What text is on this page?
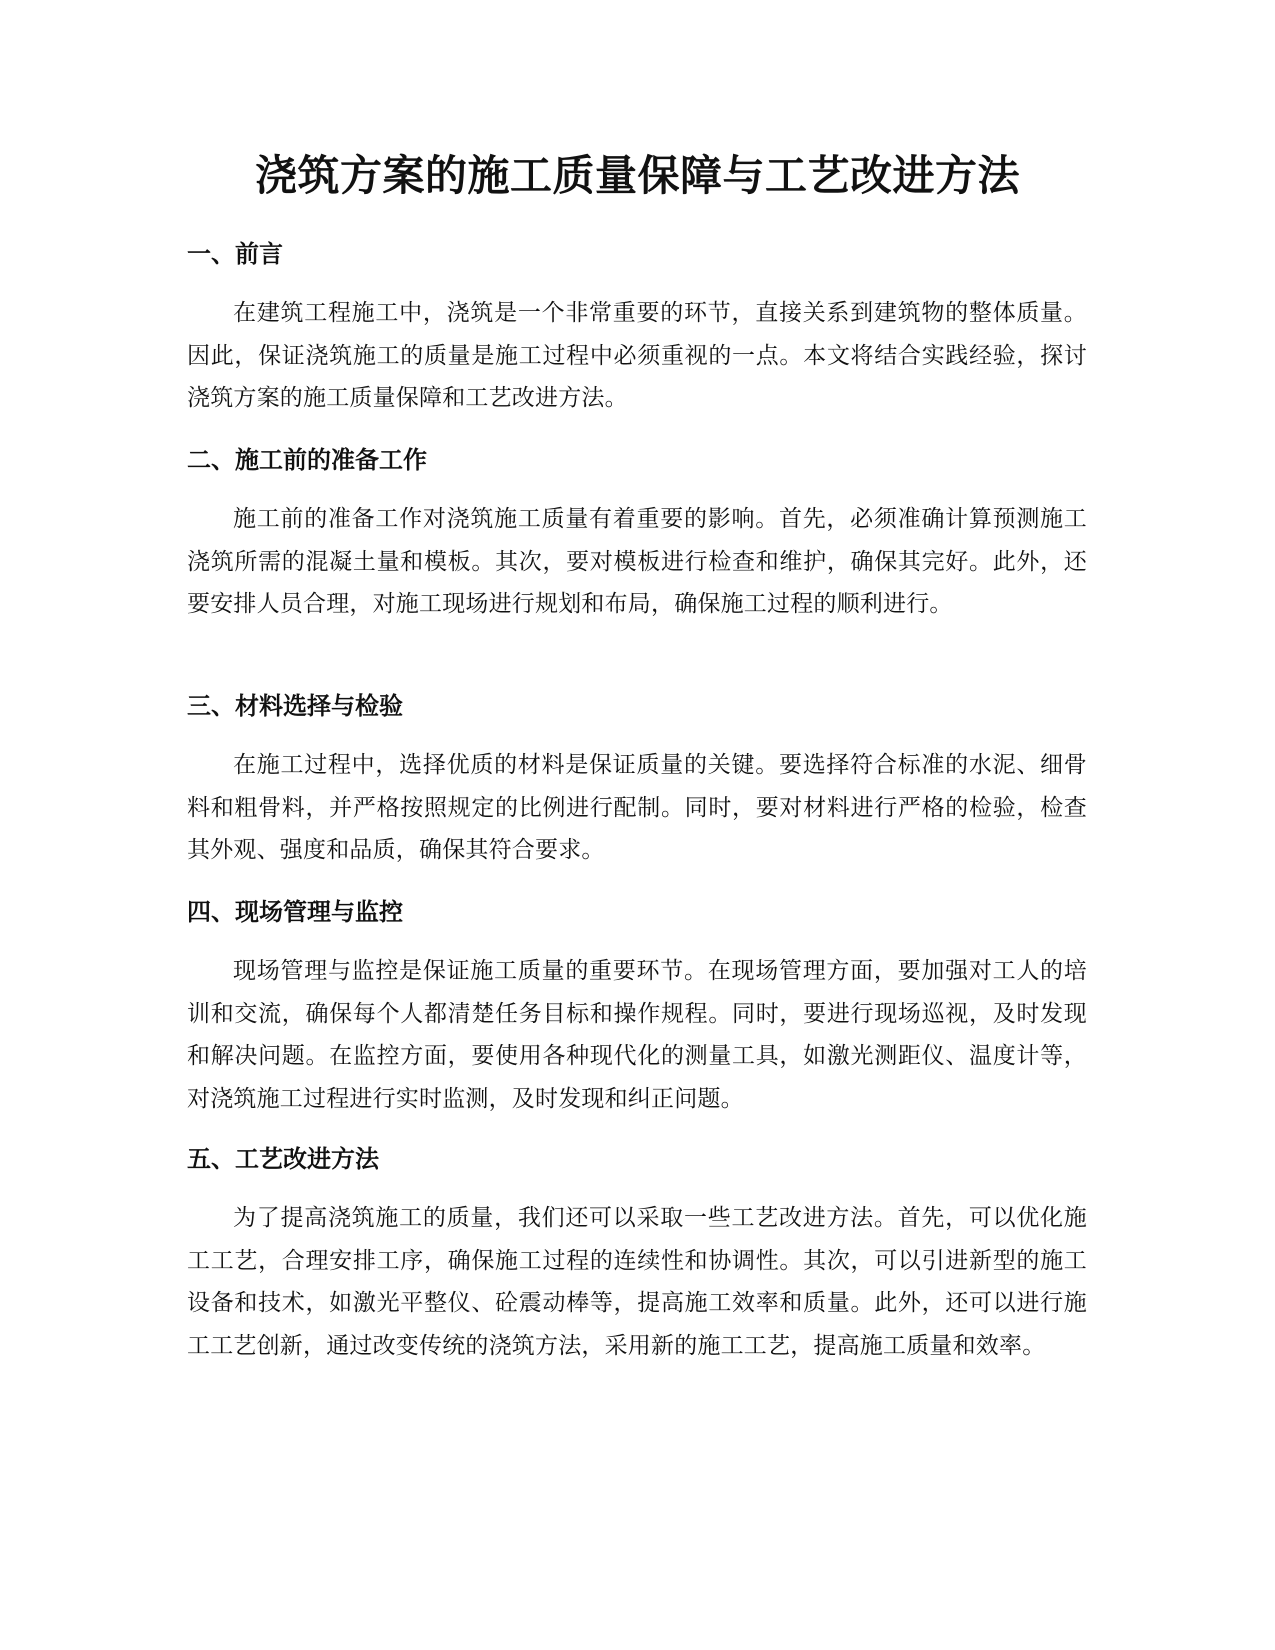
浇筑方案的施工质量保障与工艺改进方法
一、前言

在建筑工程施工中，浇筑是一个非常重要的环节，直接关系到建筑物的整体质量。因此，保证浇筑施工的质量是施工过程中必须重视的一点。本文将结合实践经验，探讨浇筑方案的施工质量保障和工艺改进方法。

二、施工前的准备工作

施工前的准备工作对浇筑施工质量有着重要的影响。首先，必须准确计算预测施工浇筑所需的混凝土量和模板。其次，要对模板进行检查和维护，确保其完好。此外，还要安排人员合理，对施工现场进行规划和布局，确保施工过程的顺利进行。

三、材料选择与检验

在施工过程中，选择优质的材料是保证质量的关键。要选择符合标准的水泥、细骨料和粗骨料，并严格按照规定的比例进行配制。同时，要对材料进行严格的检验，检查其外观、强度和品质，确保其符合要求。

四、现场管理与监控

现场管理与监控是保证施工质量的重要环节。在现场管理方面，要加强对工人的培训和交流，确保每个人都清楚任务目标和操作规程。同时，要进行现场巡视，及时发现和解决问题。在监控方面，要使用各种现代化的测量工具，如激光测距仪、温度计等，对浇筑施工过程进行实时监测，及时发现和纠正问题。

五、工艺改进方法

为了提高浇筑施工的质量，我们还可以采取一些工艺改进方法。首先，可以优化施工工艺，合理安排工序，确保施工过程的连续性和协调性。其次，可以引进新型的施工设备和技术，如激光平整仪、砼震动棒等，提高施工效率和质量。此外，还可以进行施工工艺创新，通过改变传统的浇筑方法，采用新的施工工艺，提高施工质量和效率。
